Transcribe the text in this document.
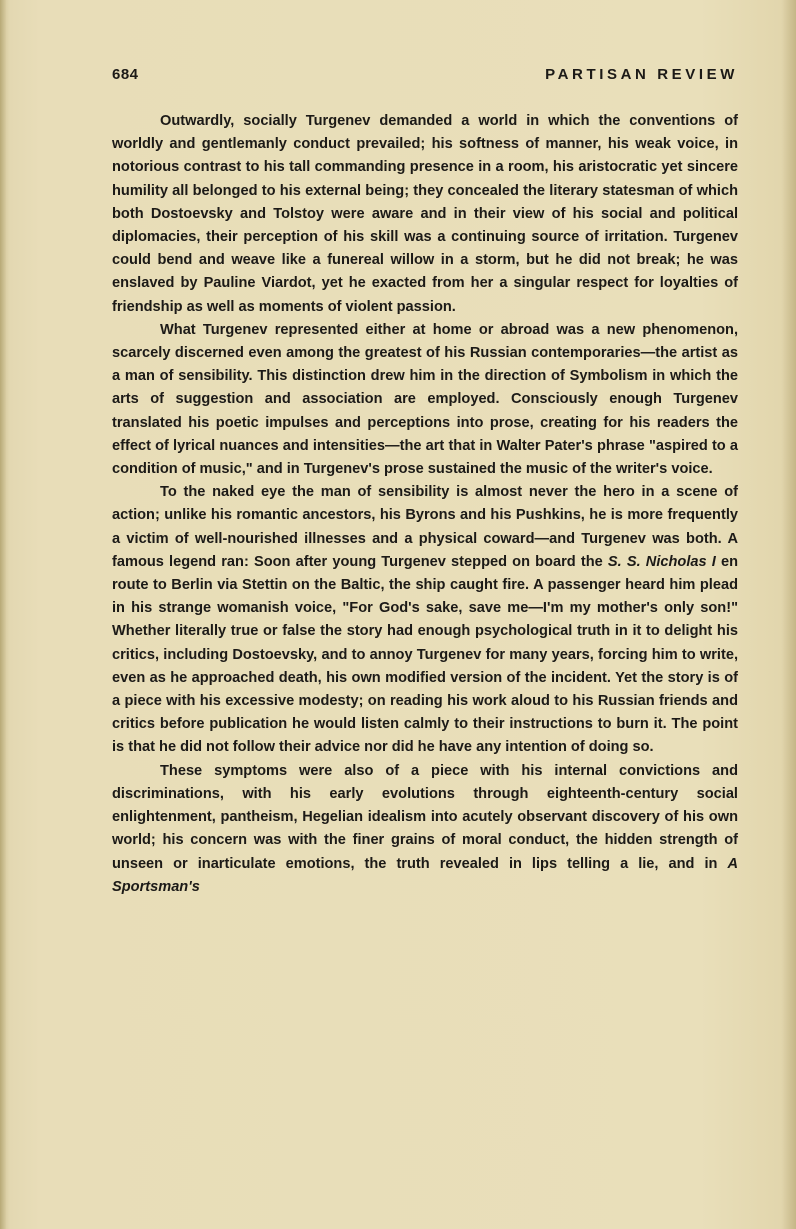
684	PARTISAN REVIEW

Outwardly, socially Turgenev demanded a world in which the conventions of worldly and gentlemanly conduct prevailed; his softness of manner, his weak voice, in notorious contrast to his tall commanding presence in a room, his aristocratic yet sincere humility all belonged to his external being; they concealed the literary statesman of which both Dostoevsky and Tolstoy were aware and in their view of his social and political diplomacies, their perception of his skill was a continuing source of irritation. Turgenev could bend and weave like a funereal willow in a storm, but he did not break; he was enslaved by Pauline Viardot, yet he exacted from her a singular respect for loyalties of friendship as well as moments of violent passion.

What Turgenev represented either at home or abroad was a new phenomenon, scarcely discerned even among the greatest of his Russian contemporaries—the artist as a man of sensibility. This distinction drew him in the direction of Symbolism in which the arts of suggestion and association are employed. Consciously enough Turgenev translated his poetic impulses and perceptions into prose, creating for his readers the effect of lyrical nuances and intensities—the art that in Walter Pater's phrase "aspired to a condition of music," and in Turgenev's prose sustained the music of the writer's voice.

To the naked eye the man of sensibility is almost never the hero in a scene of action; unlike his romantic ancestors, his Byrons and his Pushkins, he is more frequently a victim of well-nourished illnesses and a physical coward—and Turgenev was both. A famous legend ran: Soon after young Turgenev stepped on board the S. S. Nicholas I en route to Berlin via Stettin on the Baltic, the ship caught fire. A passenger heard him plead in his strange womanish voice, "For God's sake, save me—I'm my mother's only son!" Whether literally true or false the story had enough psychological truth in it to delight his critics, including Dostoevsky, and to annoy Turgenev for many years, forcing him to write, even as he approached death, his own modified version of the incident. Yet the story is of a piece with his excessive modesty; on reading his work aloud to his Russian friends and critics before publication he would listen calmly to their instructions to burn it. The point is that he did not follow their advice nor did he have any intention of doing so.

These symptoms were also of a piece with his internal convictions and discriminations, with his early evolutions through eighteenth-century social enlightenment, pantheism, Hegelian idealism into acutely observant discovery of his own world; his concern was with the finer grains of moral conduct, the hidden strength of unseen or inarticulate emotions, the truth revealed in lips telling a lie, and in A Sportsman's
